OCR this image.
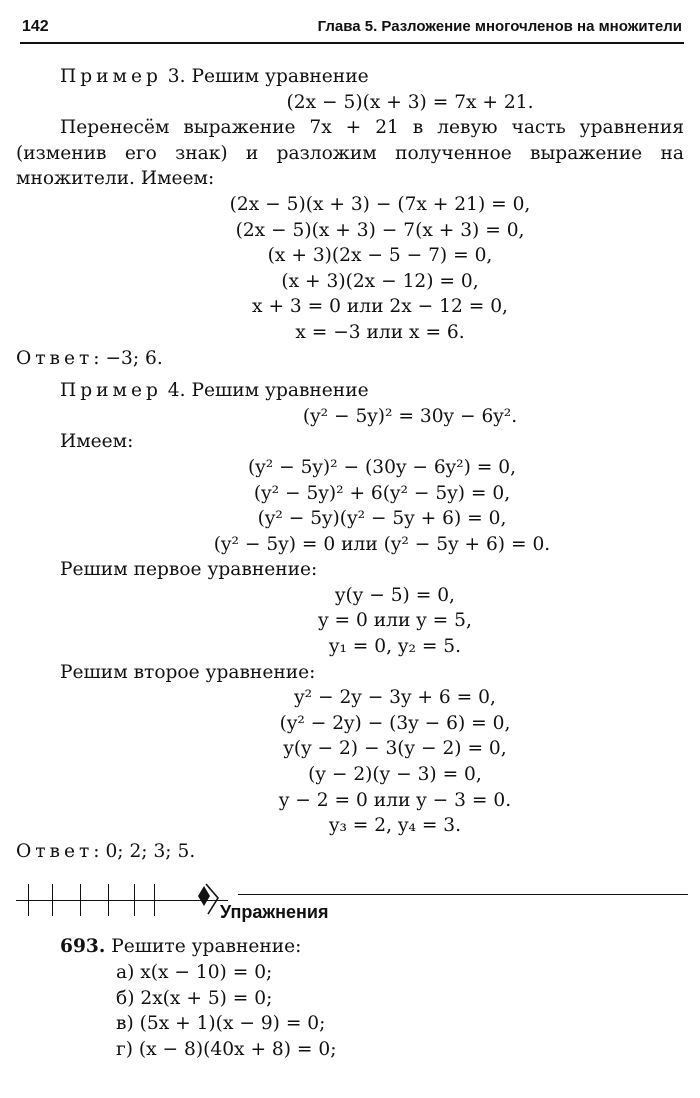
142	Глава 5. Разложение многочленов на множители

Пример 3. Решим уравнение

(2x − 5)(x + 3) = 7x + 21.

Перенесём выражение 7x + 21 в левую часть уравнения (изменив его знак) и разложим полученное выражение на множители. Имеем:

(2x − 5)(x + 3) − (7x + 21) = 0,
(2x − 5)(x + 3) − 7(x + 3) = 0,
(x + 3)(2x − 5 − 7) = 0,
(x + 3)(2x − 12) = 0,
x + 3 = 0 или 2x − 12 = 0,
x = −3 или x = 6.

Ответ: −3; 6.

Пример 4. Решим уравнение

(y² − 5y)² = 30y − 6y².

Имеем:

(y² − 5y)² − (30y − 6y²) = 0,
(y² − 5y)² + 6(y² − 5y) = 0,
(y² − 5y)(y² − 5y + 6) = 0,
(y² − 5y) = 0 или (y² − 5y + 6) = 0.

Решим первое уравнение:

y(y − 5) = 0,
y = 0 или y = 5,
y₁ = 0, y₂ = 5.

Решим второе уравнение:

y² − 2y − 3y + 6 = 0,
(y² − 2y) − (3y − 6) = 0,
y(y − 2) − 3(y − 2) = 0,
(y − 2)(y − 3) = 0,
y − 2 = 0 или y − 3 = 0.
y₃ = 2, y₄ = 3.

Ответ: 0; 2; 3; 5.

Упражнения

693. Решите уравнение:

а) x(x − 10) = 0;

б) 2x(x + 5) = 0;

в) (5x + 1)(x − 9) = 0;

г) (x − 8)(40x + 8) = 0;
